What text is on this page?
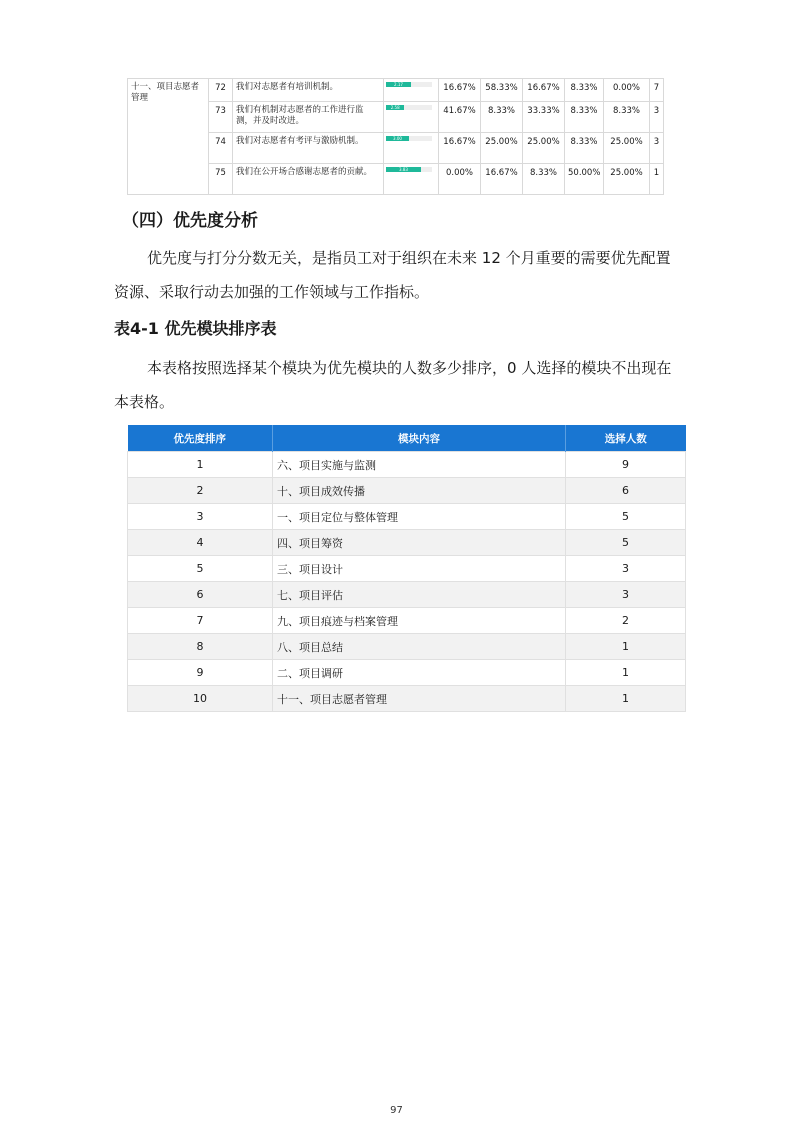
十一、项目志愿者管理	72	我们对志愿者有培训机制。	2.17	16.67%	58.33%	16.67%	8.33%	0.00%	7
	73	我们有机制对志愿者的工作进行监测，并及时改进。	2.58	41.67%	8.33%	33.33%	8.33%	8.33%	3
	74	我们对志愿者有考评与激励机制。	3.00	16.67%	25.00%	25.00%	8.33%	25.00%	3
	75	我们在公开场合感谢志愿者的贡献。	3.83	0.00%	16.67%	8.33%	50.00%	25.00%	1
（四）优先度分析

优先度与打分分数无关，是指员工对于组织在未来 12 个月重要的需要优先配置资源、采取行动去加强的工作领域与工作指标。

表4-1 优先模块排序表

本表格按照选择某个模块为优先模块的人数多少排序，0 人选择的模块不出现在本表格。

优先度排序	模块内容	选择人数
1	六、项目实施与监测	9
2	十、项目成效传播	6
3	一、项目定位与整体管理	5
4	四、项目筹资	5
5	三、项目设计	3
6	七、项目评估	3
7	九、项目痕迹与档案管理	2
8	八、项目总结	1
9	二、项目调研	1
10	十一、项目志愿者管理	1
97
